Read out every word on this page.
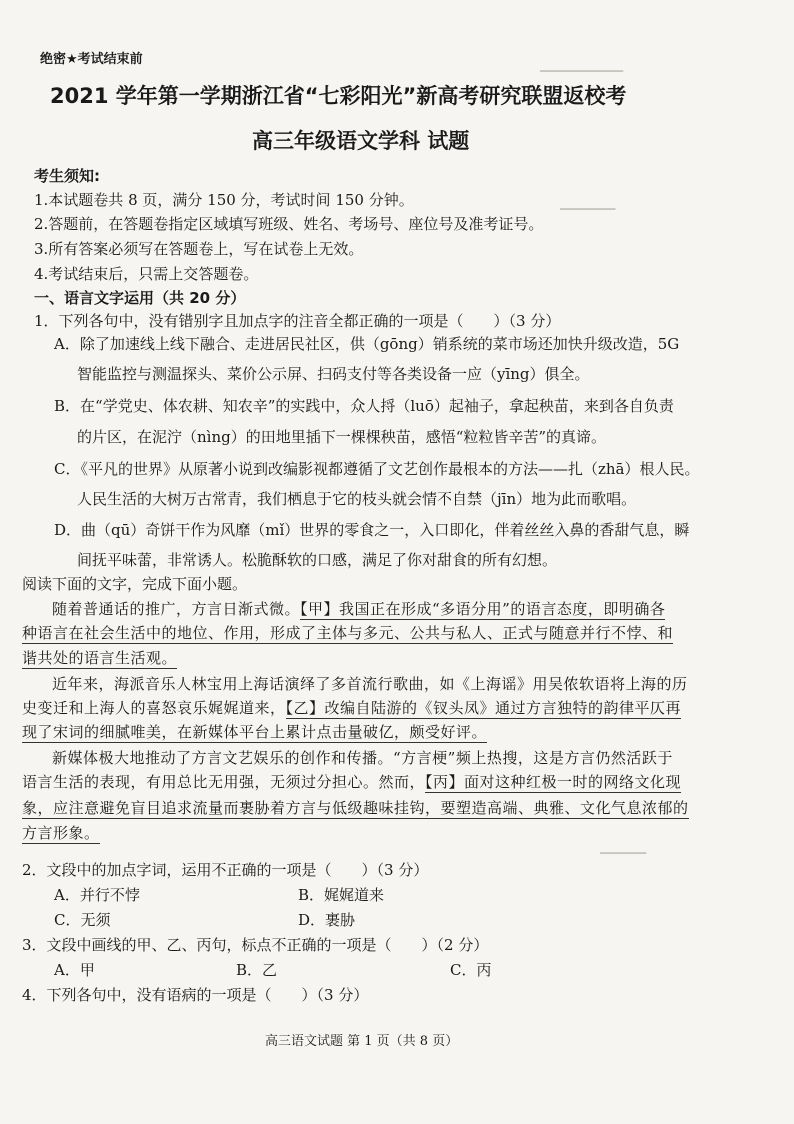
▁▁▁▁▁▁▁▁▁
▁▁▁▁▁▁
▁▁▁▁▁
绝密★考试结束前
2021 学年第一学期浙江省“七彩阳光”新高考研究联盟返校考
高三年级语文学科 试题
考生须知:
1.本试题卷共 8 页，满分 150 分，考试时间 150 分钟。
2.答题前，在答题卷指定区域填写班级、姓名、考场号、座位号及准考证号。
3.所有答案必须写在答题卷上，写在试卷上无效。
4.考试结束后，只需上交答题卷。
一、语言文字运用（共 20 分）
1．下列各句中，没有错别字且加点字的注音全都正确的一项是（　　）（3 分）
A．除了加速线上线下融合、走进居民社区，供（gōng）销系统的菜市场还加快升级改造，5G
智能监控与测温探头、菜价公示屏、扫码支付等各类设备一应（yīng）俱全。
B．在“学党史、体农耕、知农辛”的实践中，众人捋（luō）起袖子，拿起秧苗，来到各自负责
的片区，在泥泞（nìng）的田地里插下一棵棵秧苗，感悟“粒粒皆辛苦”的真谛。
C．《平凡的世界》从原著小说到改编影视都遵循了文艺创作最根本的方法——扎（zhā）根人民。
人民生活的大树万古常青，我们栖息于它的枝头就会情不自禁（jīn）地为此而歌唱。
D．曲（qū）奇饼干作为风靡（mǐ）世界的零食之一，入口即化，伴着丝丝入鼻的香甜气息，瞬
间抚平味蕾，非常诱人。松脆酥软的口感，满足了你对甜食的所有幻想。
阅读下面的文字，完成下面小题。
随着普通话的推广，方言日渐式微。【甲】我国正在形成“多语分用”的语言态度，即明确各
种语言在社会生活中的地位、作用，形成了主体与多元、公共与私人、正式与随意并行不悖、和
谐共处的语言生活观。
近年来，海派音乐人林宝用上海话演绎了多首流行歌曲，如《上海谣》用吴侬软语将上海的历
史变迁和上海人的喜怒哀乐娓娓道来，【乙】改编自陆游的《钗头凤》通过方言独特的韵律平仄再
现了宋词的细腻唯美，在新媒体平台上累计点击量破亿，颇受好评。
新媒体极大地推动了方言文艺娱乐的创作和传播。“方言梗”频上热搜，这是方言仍然活跃于
语言生活的表现，有用总比无用强，无须过分担心。然而，【丙】面对这种红极一时的网络文化现
象，应注意避免盲目追求流量而裹胁着方言与低级趣味挂钩，要塑造高端、典雅、文化气息浓郁的
方言形象。
2．文段中的加点字词，运用不正确的一项是（　　）（3 分）
A．并行不悖	B．娓娓道来
C．无须	D．裹胁
3．文段中画线的甲、乙、丙句，标点不正确的一项是（　　）（2 分）
A．甲	B．乙	C．丙
4．下列各句中，没有语病的一项是（　　）（3 分）
高三语文试题 第 1 页（共 8 页）
